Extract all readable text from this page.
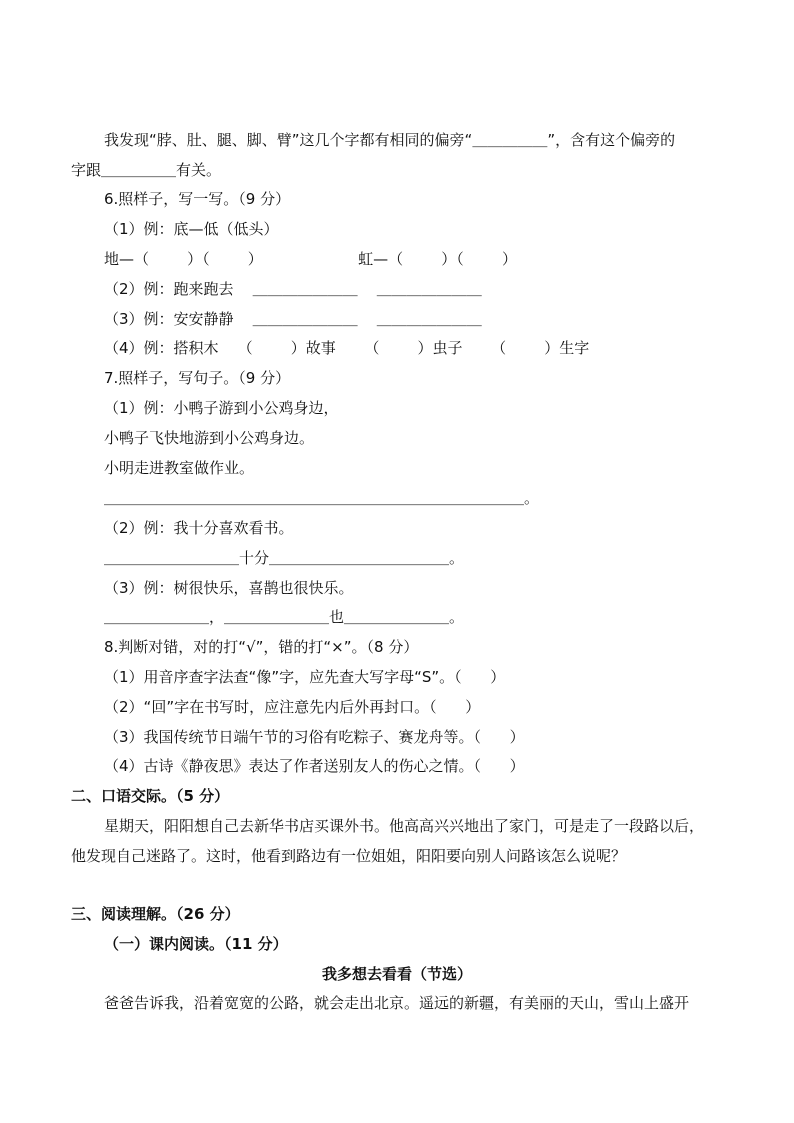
我发现“脖、肚、腿、脚、臂”这几个字都有相同的偏旁“＿＿＿＿＿”，含有这个偏旁的
字跟＿＿＿＿＿有关。
6.照样子，写一写。（9 分）
（1）例：底—低（低头）
地—（        ）（        ）                    虹—（        ）（        ）
（2）例：跑来跑去    ＿＿＿＿＿＿＿    ＿＿＿＿＿＿＿
（3）例：安安静静    ＿＿＿＿＿＿＿    ＿＿＿＿＿＿＿
（4）例：搭积木    （        ）故事      （        ）虫子      （        ）生字
7.照样子，写句子。（9 分）
（1）例：小鸭子游到小公鸡身边，
小鸭子飞快地游到小公鸡身边。
小明走进教室做作业。
＿＿＿＿＿＿＿＿＿＿＿＿＿＿＿＿＿＿＿＿＿＿＿＿＿＿＿＿。
（2）例：我十分喜欢看书。
＿＿＿＿＿＿＿＿＿十分＿＿＿＿＿＿＿＿＿＿＿＿。
（3）例：树很快乐，喜鹊也很快乐。
＿＿＿＿＿＿＿，＿＿＿＿＿＿＿也＿＿＿＿＿＿＿。
8.判断对错，对的打“√”，错的打“×”。（8 分）
（1）用音序查字法查“像”字，应先查大写字母“S”。（      ）
（2）“回”字在书写时，应注意先内后外再封口。（      ）
（3）我国传统节日端午节的习俗有吃粽子、赛龙舟等。（      ）
（4）古诗《静夜思》表达了作者送别友人的伤心之情。（      ）
二、口语交际。（5 分）
星期天，阳阳想自己去新华书店买课外书。他高高兴兴地出了家门，可是走了一段路以后，
他发现自己迷路了。这时，他看到路边有一位姐姐，阳阳要向别人问路该怎么说呢？
三、阅读理解。（26 分）
（一）课内阅读。（11 分）
我多想去看看（节选）
爸爸告诉我，沿着宽宽的公路，就会走出北京。遥远的新疆，有美丽的天山，雪山上盛开
